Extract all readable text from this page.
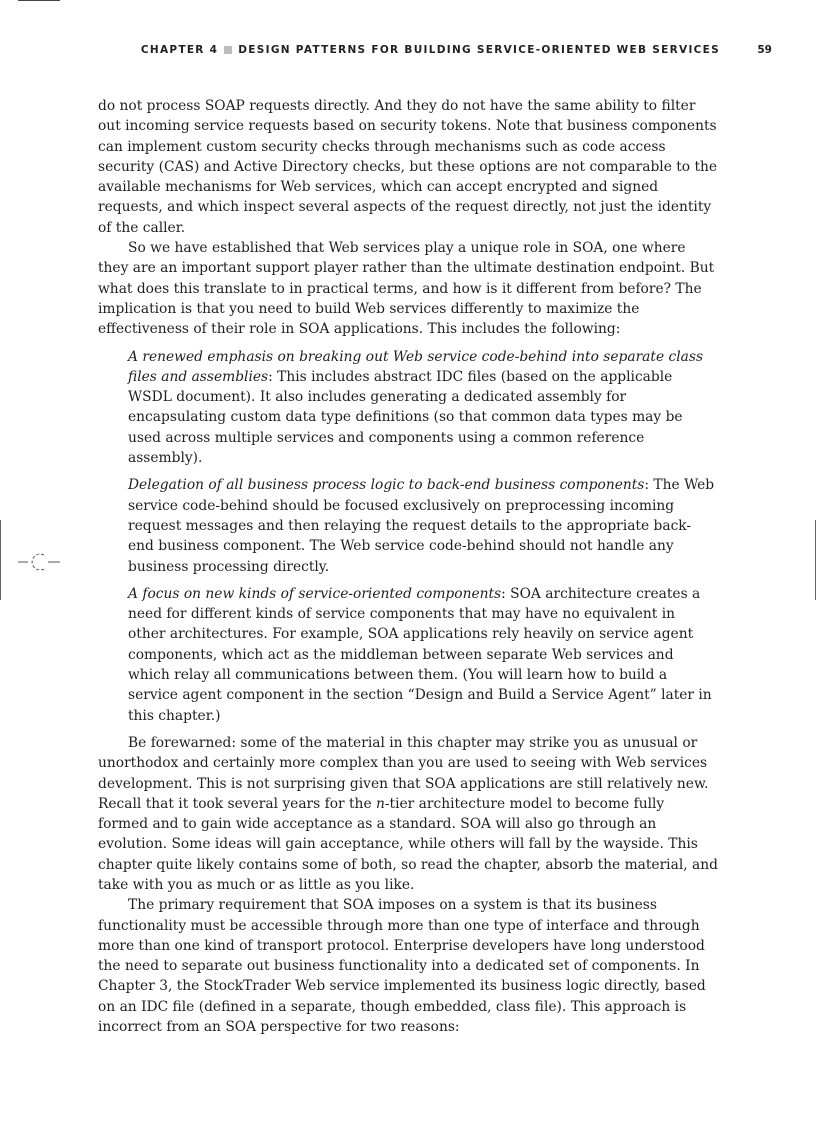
CHAPTER 4 DESIGN PATTERNS FOR BUILDING SERVICE-ORIENTED WEB SERVICES	59

do not process SOAP requests directly. And they do not have the same ability to filter out incoming service requests based on security tokens. Note that business components can implement custom security checks through mechanisms such as code access security (CAS) and Active Directory checks, but these options are not comparable to the available mechanisms for Web services, which can accept encrypted and signed requests, and which inspect several aspects of the request directly, not just the identity of the caller.

So we have established that Web services play a unique role in SOA, one where they are an important support player rather than the ultimate destination endpoint. But what does this translate to in practical terms, and how is it different from before? The implication is that you need to build Web services differently to maximize the effectiveness of their role in SOA applications. This includes the following:

A renewed emphasis on breaking out Web service code-behind into separate class files and assemblies: This includes abstract IDC files (based on the applicable WSDL document). It also includes generating a dedicated assembly for encapsulating custom data type definitions (so that common data types may be used across multiple services and components using a common reference assembly).

Delegation of all business process logic to back-end business components: The Web service code-behind should be focused exclusively on preprocessing incoming request messages and then relaying the request details to the appropriate back-end business component. The Web service code-behind should not handle any business processing directly.

A focus on new kinds of service-oriented components: SOA architecture creates a need for different kinds of service components that may have no equivalent in other architectures. For example, SOA applications rely heavily on service agent components, which act as the middleman between separate Web services and which relay all communications between them. (You will learn how to build a service agent component in the section “Design and Build a Service Agent” later in this chapter.)

Be forewarned: some of the material in this chapter may strike you as unusual or unorthodox and certainly more complex than you are used to seeing with Web services development. This is not surprising given that SOA applications are still relatively new. Recall that it took several years for the n-tier architecture model to become fully formed and to gain wide acceptance as a standard. SOA will also go through an evolution. Some ideas will gain acceptance, while others will fall by the wayside. This chapter quite likely contains some of both, so read the chapter, absorb the material, and take with you as much or as little as you like.

The primary requirement that SOA imposes on a system is that its business functionality must be accessible through more than one type of interface and through more than one kind of transport protocol. Enterprise developers have long understood the need to separate out business functionality into a dedicated set of components. In Chapter 3, the StockTrader Web service implemented its business logic directly, based on an IDC file (defined in a separate, though embedded, class file). This approach is incorrect from an SOA perspective for two reasons:
